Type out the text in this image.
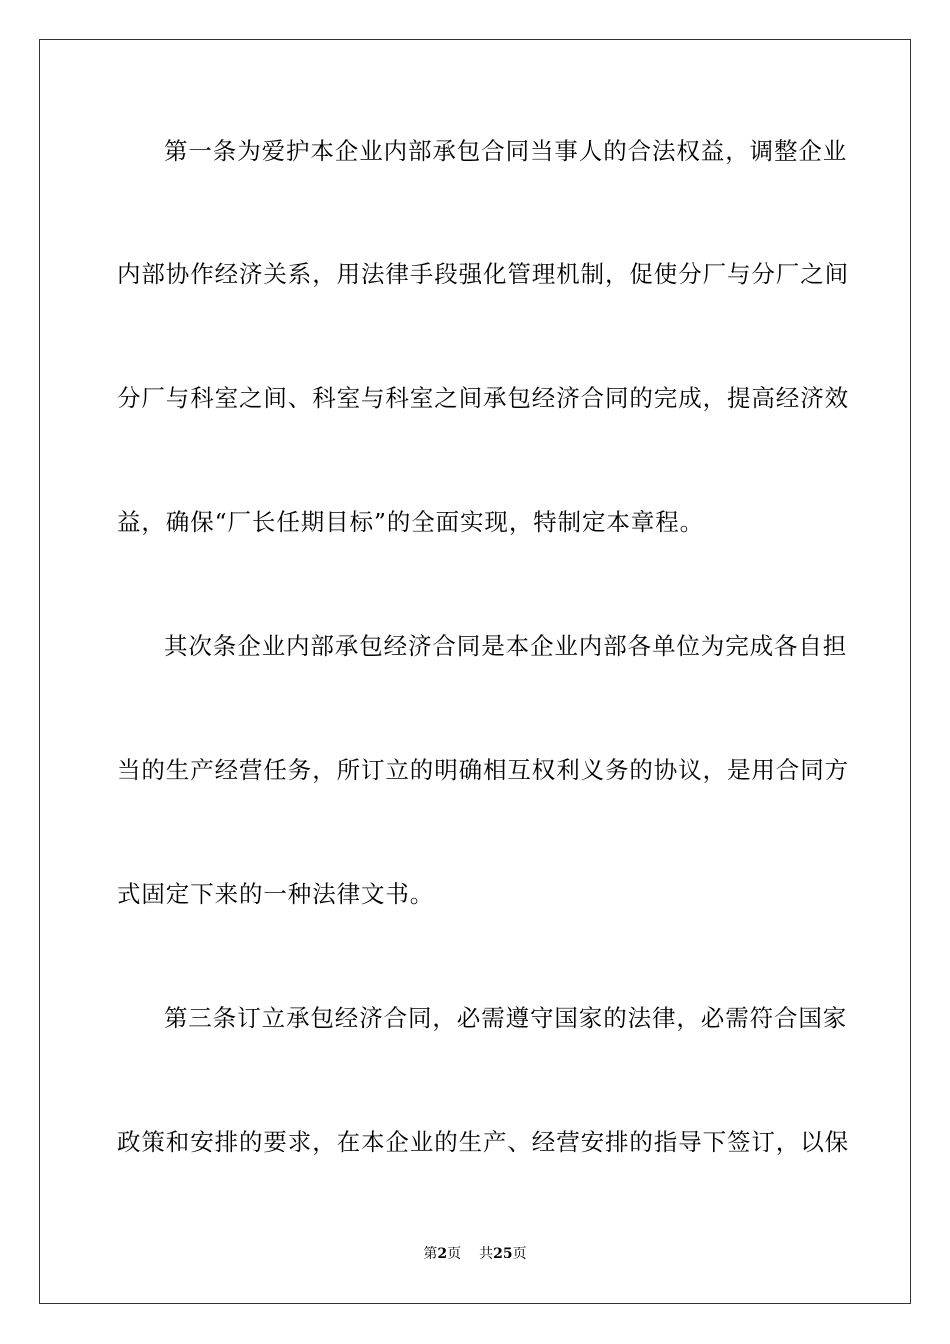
第一条为爱护本企业内部承包合同当事人的合法权益，调整企业
内部协作经济关系，用法律手段强化管理机制，促使分厂与分厂之间
分厂与科室之间、科室与科室之间承包经济合同的完成，提高经济效
益，确保“厂长任期目标”的全面实现，特制定本章程。
其次条企业内部承包经济合同是本企业内部各单位为完成各自担
当的生产经营任务，所订立的明确相互权利义务的协议，是用合同方
式固定下来的一种法律文书。
第三条订立承包经济合同，必需遵守国家的法律，必需符合国家
政策和安排的要求，在本企业的生产、经营安排的指导下签订，以保
第2页 共25页
